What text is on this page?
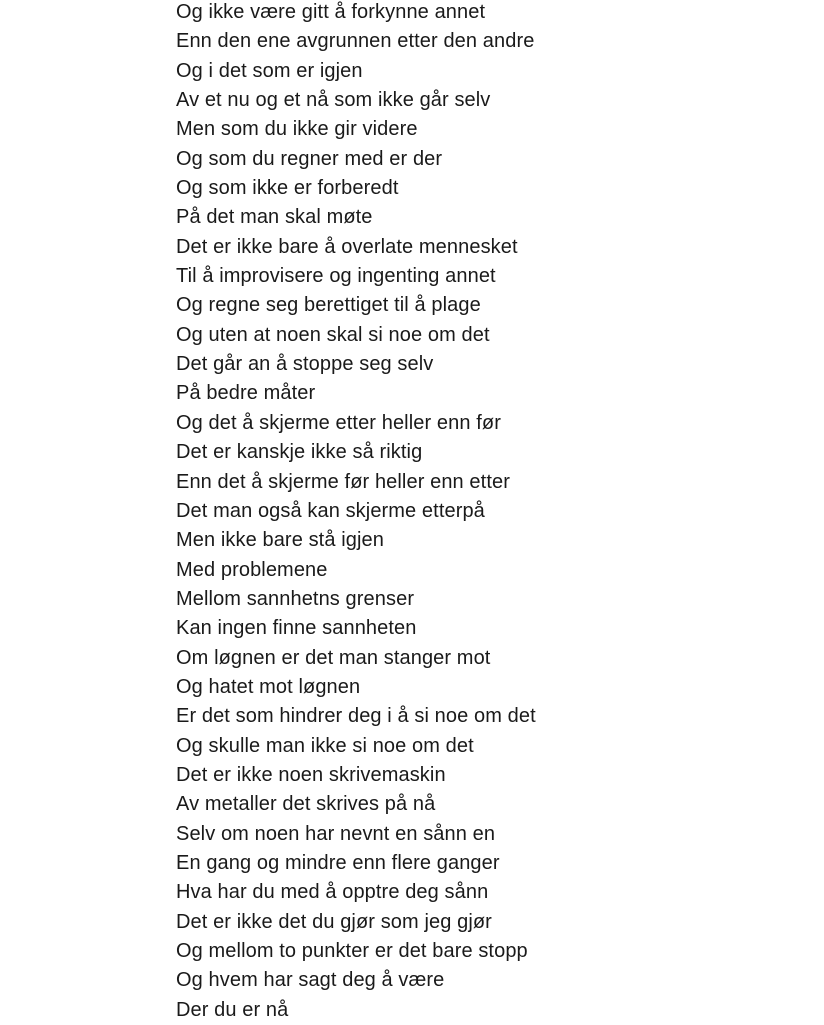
Og ikke være gitt å forkynne annet
Enn den ene avgrunnen etter den andre
Og i det som er igjen
Av et nu og et nå som ikke går selv
Men som du ikke gir videre
Og som du regner med er der
Og som ikke er forberedt
På det man skal møte
Det er ikke bare å overlate mennesket
Til å improvisere og ingenting annet
Og regne seg berettiget til å plage
Og uten at noen skal si noe om det
Det går an å stoppe seg selv
På bedre måter
Og det å skjerme etter heller enn før
Det er kanskje ikke så riktig
Enn det å skjerme før heller enn etter
Det man også kan skjerme etterpå
Men ikke bare stå igjen
Med problemene
Mellom sannhetns grenser
Kan ingen finne sannheten
Om løgnen er det man stanger mot
Og hatet mot løgnen
Er det som hindrer deg i å si noe om det
Og skulle man ikke si noe om det
Det er ikke noen skrivemaskin
Av metaller det skrives på nå
Selv om noen har nevnt en sånn en
En gang og mindre enn flere ganger
Hva har du med å opptre deg sånn
Det er ikke det du gjør som jeg gjør
Og mellom to punkter er det bare stopp
Og hvem har sagt deg å være
Der du er nå
